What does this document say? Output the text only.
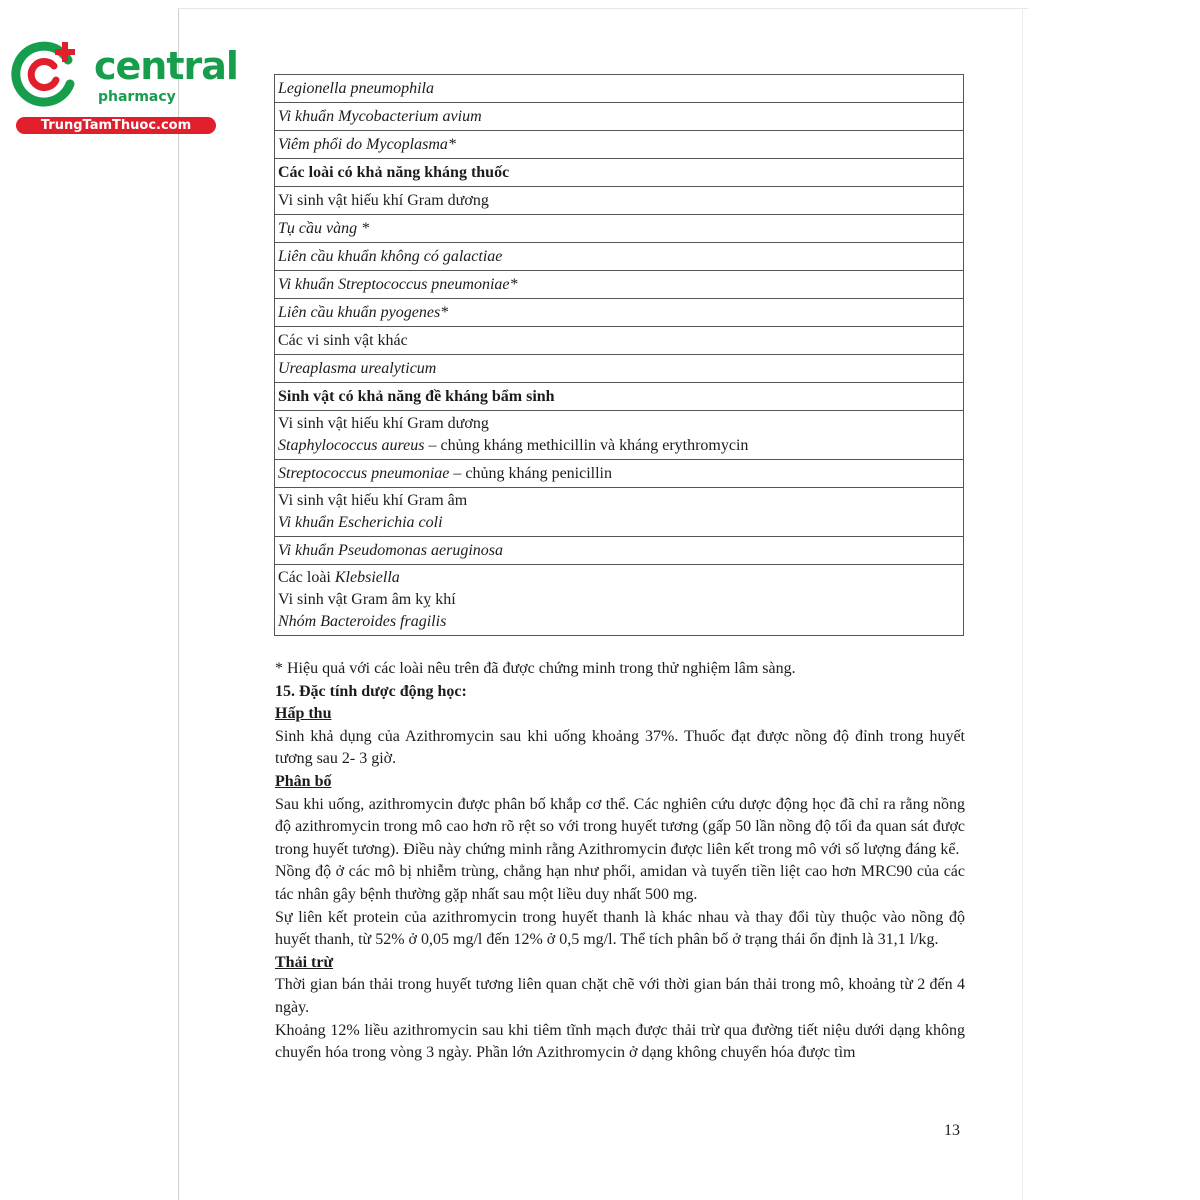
central
pharmacy
TrungTamThuoc.com
Legionella pneumophila
Vi khuẩn Mycobacterium avium
Viêm phổi do Mycoplasma*
Các loài có khả năng kháng thuốc
Vi sinh vật hiếu khí Gram dương
Tụ cầu vàng *
Liên cầu khuẩn không có galactiae
Vi khuẩn Streptococcus pneumoniae*
Liên cầu khuẩn pyogenes*
Các vi sinh vật khác
Ureaplasma urealyticum
Sinh vật có khả năng đề kháng bẩm sinh

Vi sinh vật hiếu khí Gram dương
Staphylococcus aureus – chủng kháng methicillin và kháng erythromycin

Streptococcus pneumoniae – chủng kháng penicillin

Vi sinh vật hiếu khí Gram âm
Vi khuẩn Escherichia coli

Vi khuẩn Pseudomonas aeruginosa

Các loài Klebsiella
Vi sinh vật Gram âm kỵ khí
Nhóm Bacteroides fragilis

* Hiệu quả với các loài nêu trên đã được chứng minh trong thử nghiệm lâm sàng.

15. Đặc tính dược động học:

Hấp thu

Sinh khả dụng của Azithromycin sau khi uống khoảng 37%. Thuốc đạt được nồng độ đỉnh trong huyết tương sau 2- 3 giờ.

Phân bố

Sau khi uống, azithromycin được phân bố khắp cơ thể. Các nghiên cứu dược động học đã chỉ ra rằng nồng độ azithromycin trong mô cao hơn rõ rệt so với trong huyết tương (gấp 50 lần nồng độ tối đa quan sát được trong huyết tương). Điều này chứng minh rằng Azithromycin được liên kết trong mô với số lượng đáng kể.

Nồng độ ở các mô bị nhiễm trùng, chẳng hạn như phổi, amidan và tuyến tiền liệt cao hơn MRC90 của các tác nhân gây bệnh thường gặp nhất sau một liều duy nhất 500 mg.

Sự liên kết protein của azithromycin trong huyết thanh là khác nhau và thay đổi tùy thuộc vào nồng độ huyết thanh, từ 52% ở 0,05 mg/l đến 12% ở 0,5 mg/l. Thể tích phân bố ở trạng thái ổn định là 31,1 l/kg.

Thải trừ

Thời gian bán thải trong huyết tương liên quan chặt chẽ với thời gian bán thải trong mô, khoảng từ 2 đến 4 ngày.

Khoảng 12% liều azithromycin sau khi tiêm tĩnh mạch được thải trừ qua đường tiết niệu dưới dạng không chuyển hóa trong vòng 3 ngày. Phần lớn Azithromycin ở dạng không chuyển hóa được tìm

13
